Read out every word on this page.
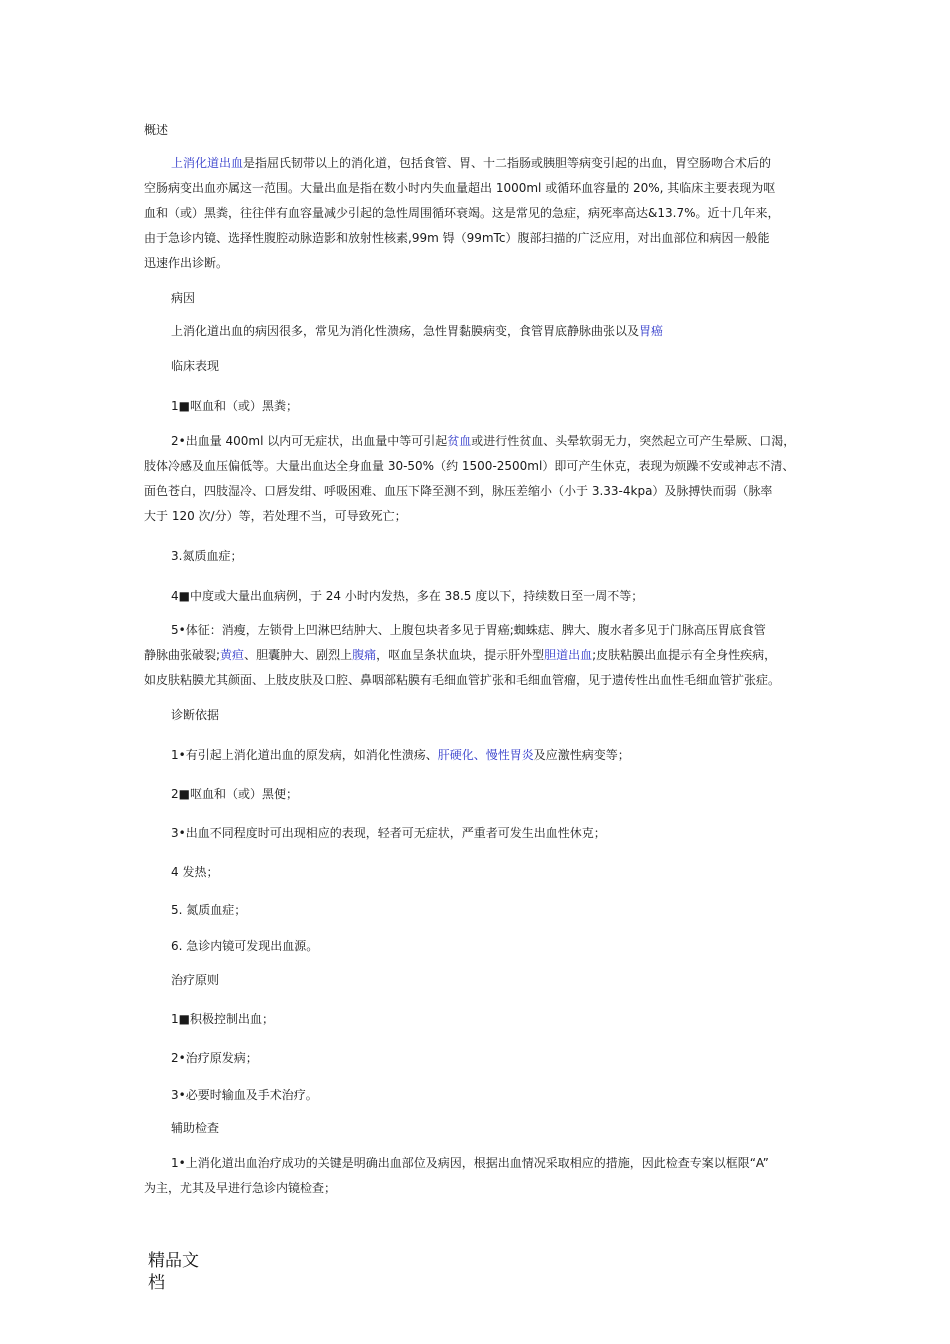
概述
上消化道出血是指屈氏韧带以上的消化道，包括食管、胃、十二指肠或胰胆等病变引起的出血，胃空肠吻合术后的
空肠病变出血亦属这一范围。大量出血是指在数小时内失血量超出 1000ml 或循环血容量的 20%, 其临床主要表现为呕
血和（或）黑粪，往往伴有血容量减少引起的急性周围循环衰竭。这是常见的急症，病死率高达&13.7%。近十几年来，
由于急诊内镜、选择性腹腔动脉造影和放射性核素,99m 锝（99mTc）腹部扫描的广泛应用，对出血部位和病因一般能
迅速作出诊断。
病因
上消化道出血的病因很多，常见为消化性溃疡，急性胃黏膜病变，食管胃底静脉曲张以及胃癌
临床表现
1■呕血和（或）黑粪；
2•出血量 400ml 以内可无症状，出血量中等可引起贫血或进行性贫血、头晕软弱无力，突然起立可产生晕厥、口渴，
肢体冷感及血压偏低等。大量出血达全身血量 30-50%（约 1500-2500ml）即可产生休克，表现为烦躁不安或神志不清、
面色苍白，四肢湿冷、口唇发绀、呼吸困难、血压下降至测不到，脉压差缩小（小于 3.33-4kpa）及脉搏快而弱（脉率
大于 120 次/分）等，若处理不当，可导致死亡；
3.氮质血症；
4■中度或大量出血病例，于 24 小时内发热，多在 38.5 度以下，持续数日至一周不等；
5•体征：消瘦，左锁骨上凹淋巴结肿大、上腹包块者多见于胃癌;蜘蛛痣、脾大、腹水者多见于门脉高压胃底食管
静脉曲张破裂;黄疸、胆囊肿大、剧烈上腹痛，呕血呈条状血块，提示肝外型胆道出血;皮肤粘膜出血提示有全身性疾病，
如皮肤粘膜尤其颜面、上肢皮肤及口腔、鼻咽部粘膜有毛细血管扩张和毛细血管瘤，见于遗传性出血性毛细血管扩张症。
诊断依据
1•有引起上消化道出血的原发病，如消化性溃疡、肝硬化、慢性胃炎及应激性病变等；
2■呕血和（或）黑便；
3•出血不同程度时可出现相应的表现，轻者可无症状，严重者可发生出血性休克；
4 发热；
5. 氮质血症；
6. 急诊内镜可发现出血源。
治疗原则
1■积极控制出血；
2•治疗原发病；
3•必要时输血及手术治疗。
辅助检查
1•上消化道出血治疗成功的关键是明确出血部位及病因，根据出血情况采取相应的措施，因此检查专案以框限“A”
为主，尤其及早进行急诊内镜检查；
精品文
档
